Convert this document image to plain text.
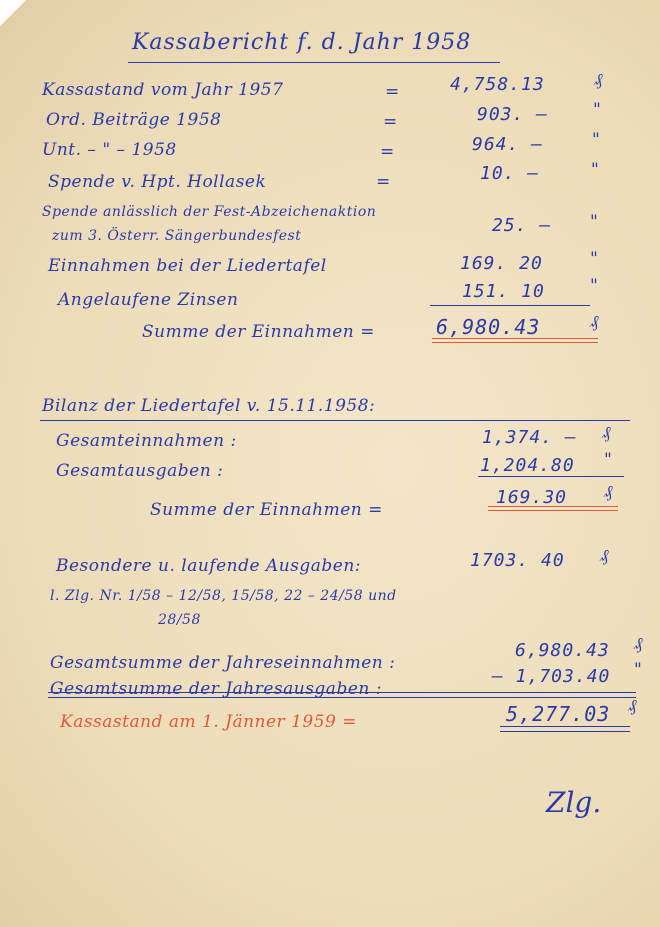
Kassabericht f. d. Jahr 1958
Kassastand vom Jahr 1957	=	4,758.13	₰
Ord. Beiträge 1958	=	903. –	"
Unt. – " – 1958	=	964. –	"
Spende v. Hpt. Hollasek	=	10. –	"
Spende anlässlich der Fest-Abzeichenaktion
zum 3. Österr. Sängerbundesfest	25. – "
Einnahmen bei der Liedertafel	169. 20	"
Angelaufene Zinsen	151. 10	"
Summe der Einnahmen =	6,980.43	₰
Bilanz der Liedertafel v. 15.11.1958:
Gesamteinnahmen :	1,374. – ₰
Gesamtausgaben :	1,204.80 "
Summe der Einnahmen =
169.30 ₰
Besondere u. laufende Ausgaben:	1703. 40 ₰
l. Zlg. Nr. 1/58 – 12/58, 15/58, 22 – 24/58 und
28/58
Gesamtsumme der Jahreseinnahmen :
6,980.43 ₰
Gesamtsumme der Jahresausgaben :
– 1,703.40 "
Kassastand am 1. Jänner 1959 =	5,277.03 ₰
Zlg.
